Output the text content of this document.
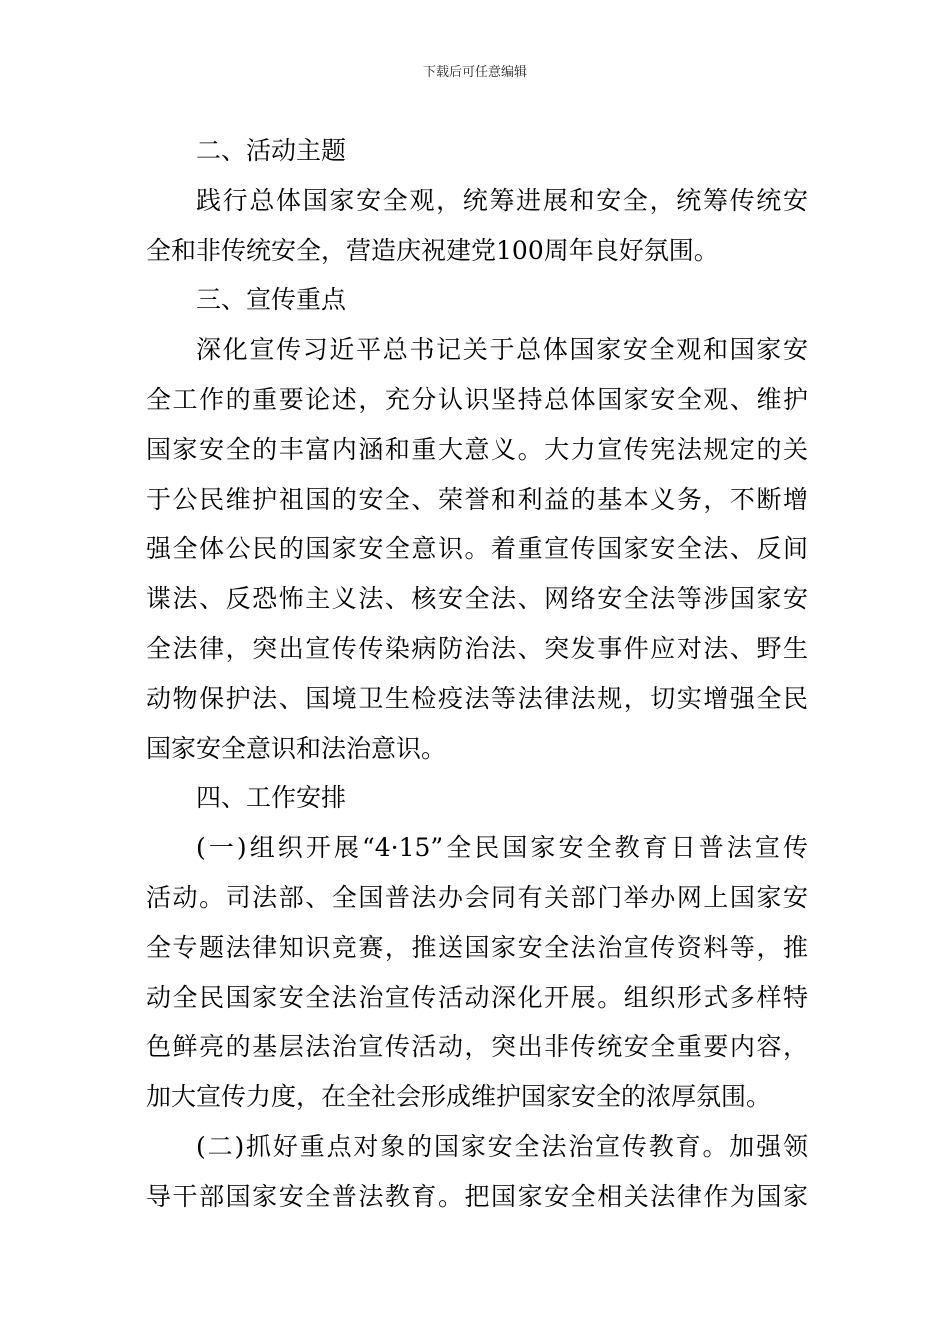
下载后可任意编辑
二、活动主题
践行总体国家安全观，统筹进展和安全，统筹传统安
全和非传统安全，营造庆祝建党100周年良好氛围。
三、宣传重点
深化宣传习近平总书记关于总体国家安全观和国家安
全工作的重要论述，充分认识坚持总体国家安全观、维护
国家安全的丰富内涵和重大意义。大力宣传宪法规定的关
于公民维护祖国的安全、荣誉和利益的基本义务，不断增
强全体公民的国家安全意识。着重宣传国家安全法、反间
谍法、反恐怖主义法、核安全法、网络安全法等涉国家安
全法律，突出宣传传染病防治法、突发事件应对法、野生
动物保护法、国境卫生检疫法等法律法规，切实增强全民
国家安全意识和法治意识。
四、工作安排
(一)组织开展“4·15”全民国家安全教育日普法宣传
活动。司法部、全国普法办会同有关部门举办网上国家安
全专题法律知识竞赛，推送国家安全法治宣传资料等，推
动全民国家安全法治宣传活动深化开展。组织形式多样特
色鲜亮的基层法治宣传活动，突出非传统安全重要内容，
加大宣传力度，在全社会形成维护国家安全的浓厚氛围。
(二)抓好重点对象的国家安全法治宣传教育。加强领
导干部国家安全普法教育。把国家安全相关法律作为国家
